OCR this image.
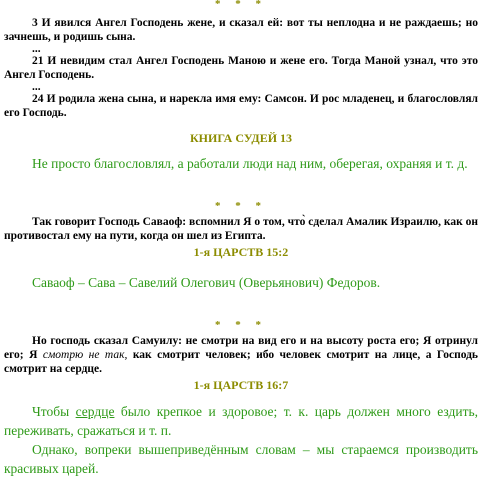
* * *

3 И явился Ангел Господень жене, и сказал ей: вот ты неплодна и не раждаешь; но зачнешь, и родишь сына.

...

21 И невидим стал Ангел Господень Маною и жене его. Тогда Маной узнал, что это Ангел Господень.

...

24 И родила жена сына, и нарекла имя ему: Самсон. И рос младенец, и благословлял его Господь.

КНИГА СУДЕЙ 13

Не просто благословлял, а работали люди над ним, оберегая, охраняя и т. д.

* * *

Так говорит Господь Саваоф: вспомнил Я о том, что̀ сделал Амалик Израилю, как он противостал ему на пути, когда он шел из Египта.

1-я ЦАРСТВ 15:2

Саваоф – Сава – Савелий Олегович (Оверьянович) Федоров.

* * *

Но господь сказал Самуилу: не смотри на вид его и на высоту роста его; Я отринул его; Я смотрю не так, как смотрит человек; ибо человек смотрит на лице, а Господь смотрит на сердце.

1-я ЦАРСТВ 16:7

Чтобы сердце было крепкое и здоровое; т. к. царь должен много ездить, переживать, сражаться и т. п.

Однако, вопреки вышеприведённым словам – мы стараемся производить красивых царей.
